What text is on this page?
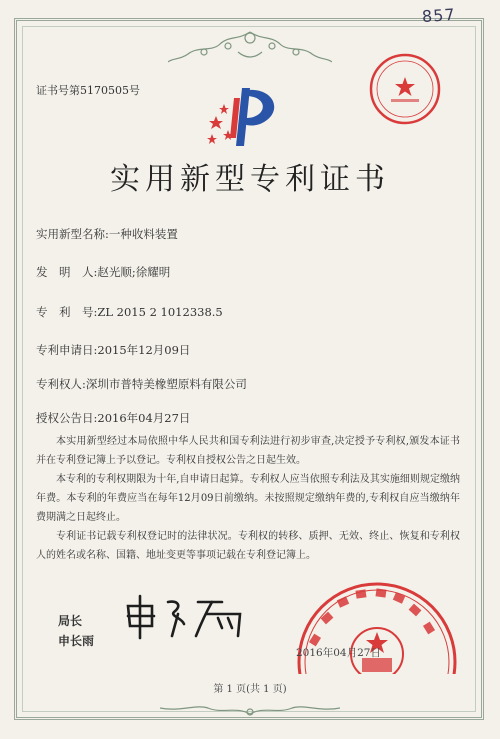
857
证书号第5170505号
实用新型专利证书
实用新型名称:一种收料装置
发　明　人:赵光顺;徐耀明
专　利　号:ZL 2015 2 1012338.5
专利申请日:2015年12月09日
专利权人:深圳市普特美橡塑原料有限公司
授权公告日:2016年04月27日

本实用新型经过本局依照中华人民共和国专利法进行初步审查,决定授予专利权,颁发本证书并在专利登记簿上予以登记。专利权自授权公告之日起生效。

本专利的专利权期限为十年,自申请日起算。专利权人应当依照专利法及其实施细则规定缴纳年费。本专利的年费应当在每年12月09日前缴纳。未按照规定缴纳年费的,专利权自应当缴纳年费期满之日起终止。

专利证书记载专利权登记时的法律状况。专利权的转移、质押、无效、终止、恢复和专利权人的姓名或名称、国籍、地址变更等事项记载在专利登记簿上。

局长
申长雨
2016年04月27日
第 1 页(共 1 页)
